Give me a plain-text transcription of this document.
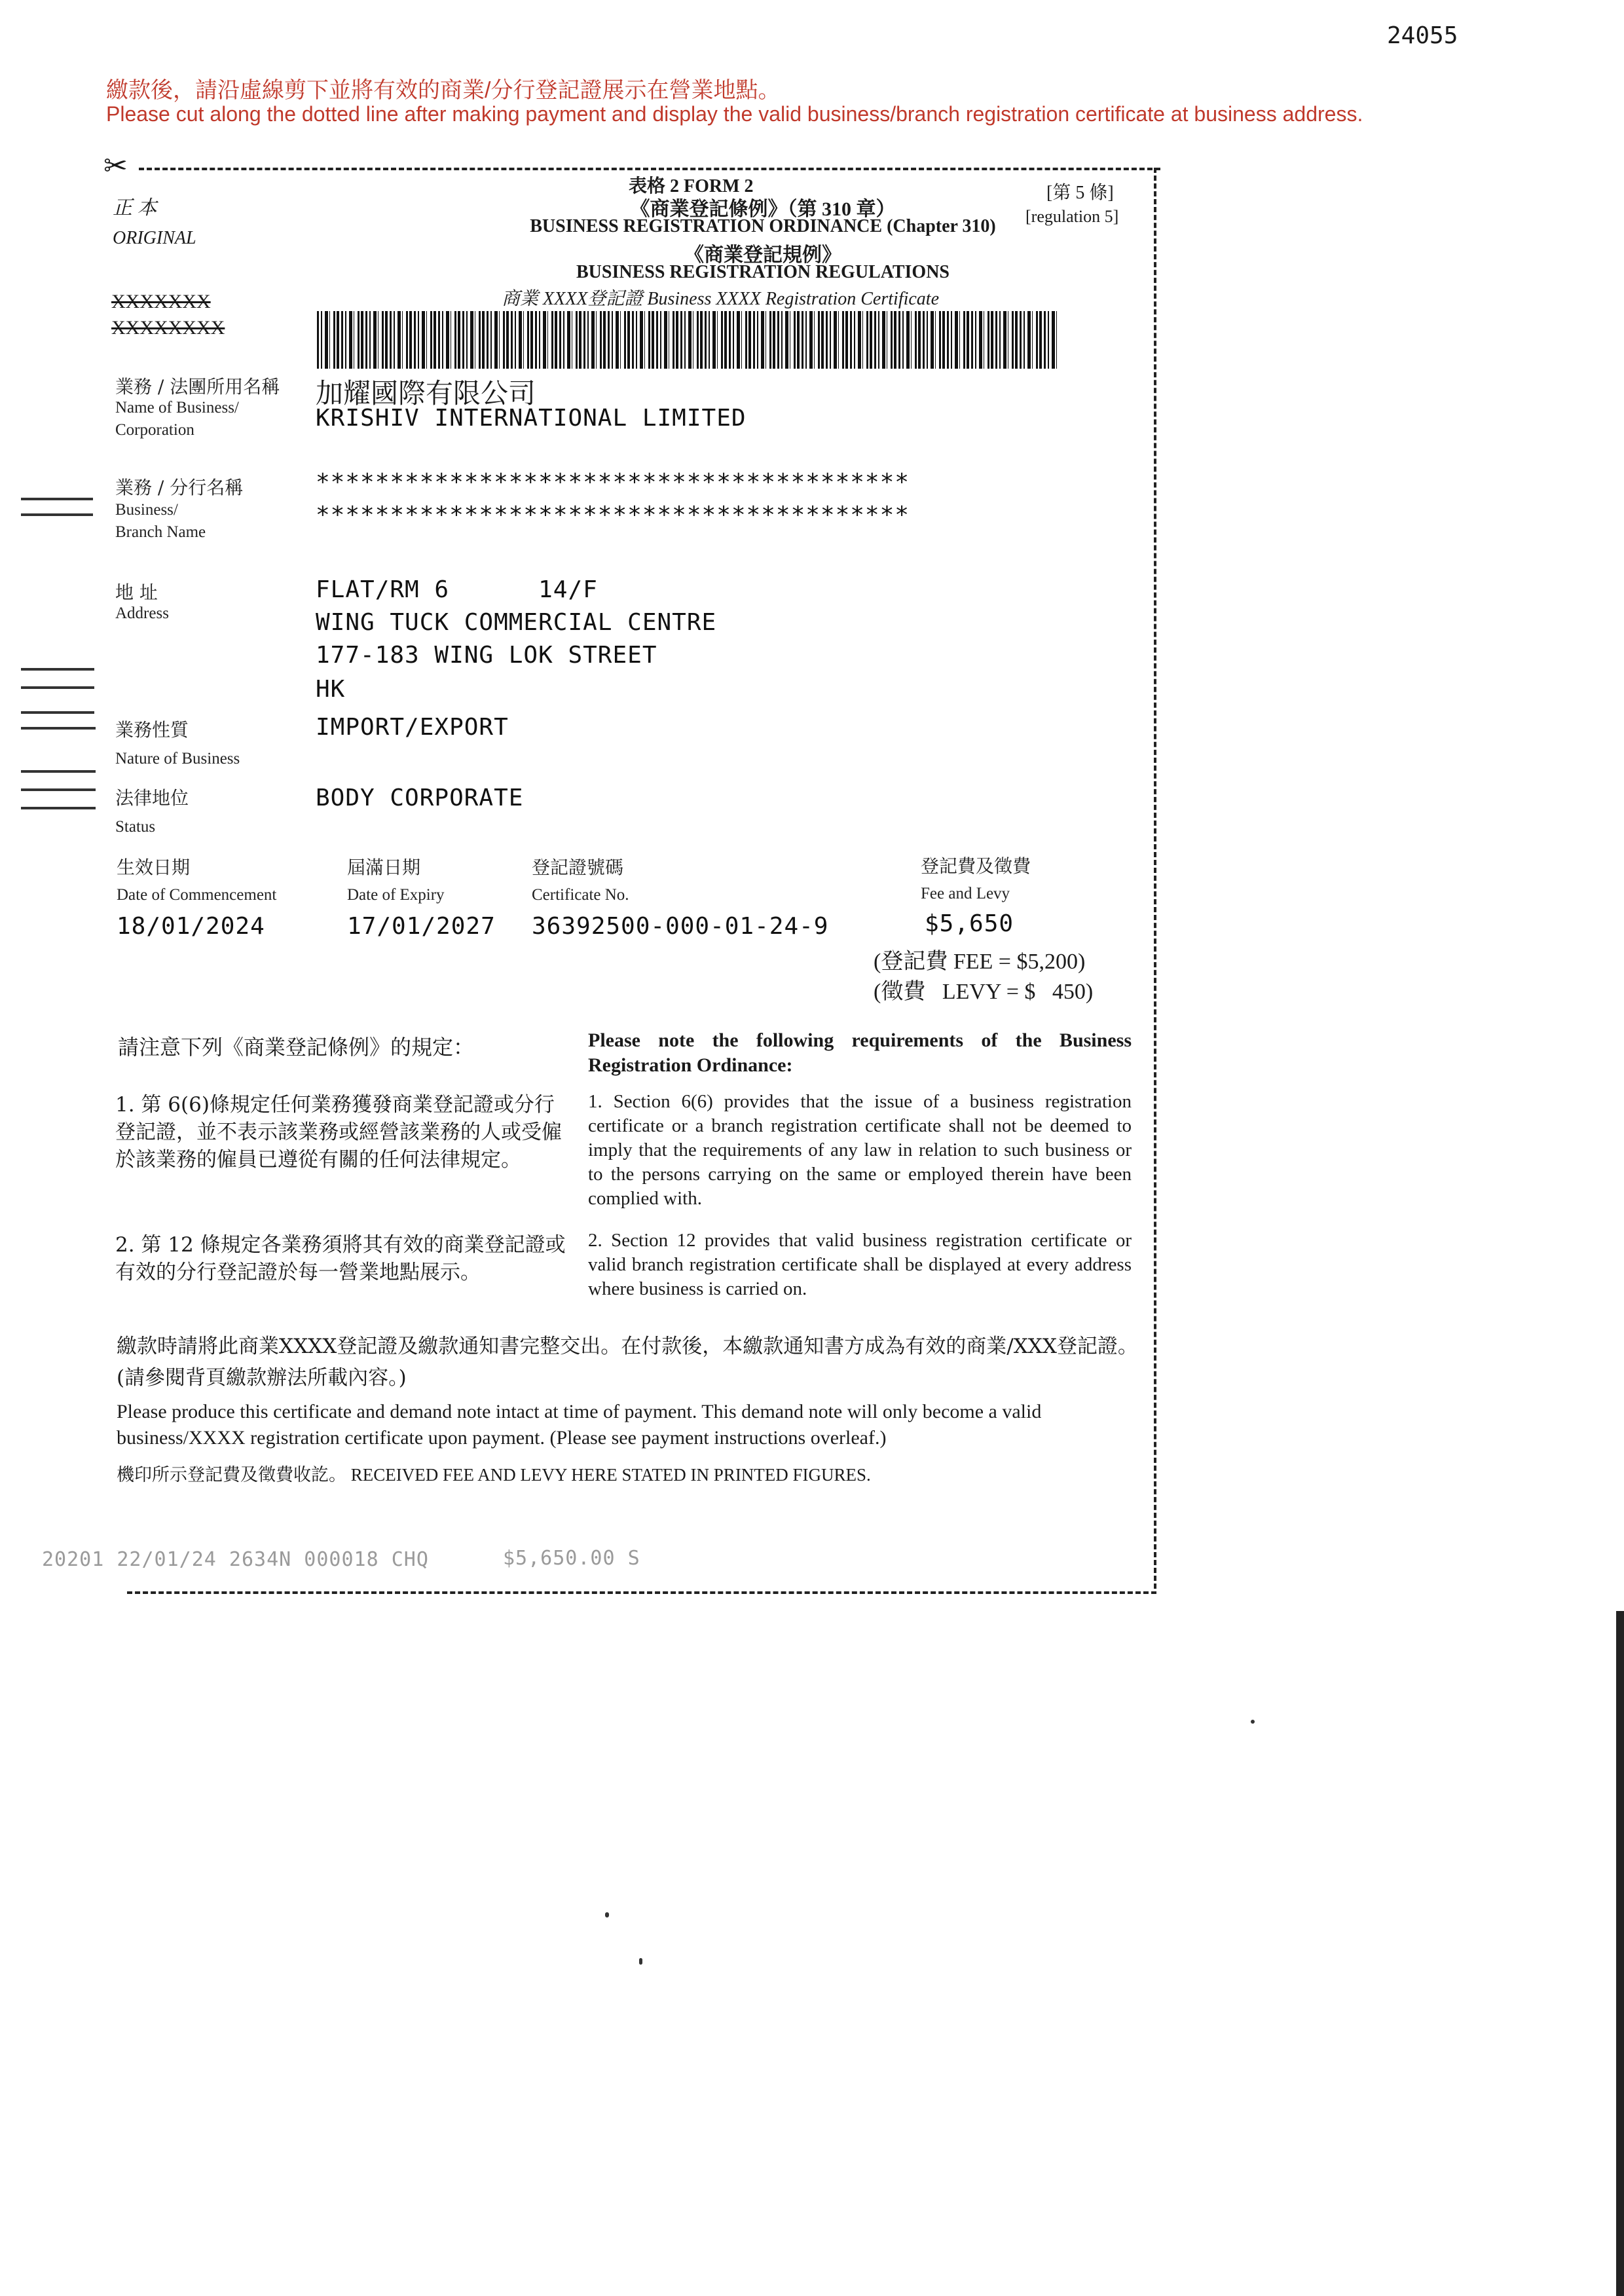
24055
繳款後，請沿虛線剪下並將有效的商業/分行登記證展示在營業地點。
Please cut along the dotted line after making payment and display the valid business/branch registration certificate at business address.
✂
正 本
ORIGINAL
表格 2 FORM 2
《商業登記條例》（第 310 章）
BUSINESS REGISTRATION ORDINANCE (Chapter 310)
《商業登記規例》
BUSINESS REGISTRATION REGULATIONS
商業 XXXX登記證 Business XXXX Registration Certificate
[第 5 條]
[regulation 5]
XXXXXXX
XXXXXXXX
業務 / 法團所用名稱
Name of Business/
Corporation
加耀國際有限公司
KRISHIV INTERNATIONAL LIMITED
業務 / 分行名稱
Business/
Branch Name
****************************************
****************************************
地 址
Address
FLAT/RM 6      14/F
WING TUCK COMMERCIAL CENTRE
177-183 WING LOK STREET
HK
業務性質
Nature of Business
IMPORT/EXPORT
法律地位
Status
BODY CORPORATE
生效日期
Date of Commencement
18/01/2024
屆滿日期
Date of Expiry
17/01/2027
登記證號碼
Certificate No.
36392500-000-01-24-9
登記費及徵費
Fee and Levy
$5,650
(登記費 FEE = $5,200)
(徵費   LEVY = $   450)
請注意下列《商業登記條例》的規定：	Please note the following requirements of the Business Registration Ordinance:
1. 第 6(6)條規定任何業務獲發商業登記證或分行登記證，並不表示該業務或經營該業務的人或受僱於該業務的僱員已遵從有關的任何法律規定。
1. Section 6(6) provides that the issue of a business registration certificate or a branch registration certificate shall not be deemed to imply that the requirements of any law in relation to such business or to the persons carrying on the same or employed therein have been complied with.
2. 第 12 條規定各業務須將其有效的商業登記證或有效的分行登記證於每一營業地點展示。
2. Section 12 provides that valid business registration certificate or valid branch registration certificate shall be displayed at every address where business is carried on.
繳款時請將此商業XXXX登記證及繳款通知書完整交出。在付款後，本繳款通知書方成為有效的商業/XXX登記證。(請參閱背頁繳款辦法所載內容。)
Please produce this certificate and demand note intact at time of payment. This demand note will only become a valid business/XXXX registration certificate upon payment. (Please see payment instructions overleaf.)
機印所示登記費及徵費收訖。 RECEIVED FEE AND LEVY HERE STATED IN PRINTED FIGURES.
20201 22/01/24 2634N 000018 CHQ	$5,650.00 S
